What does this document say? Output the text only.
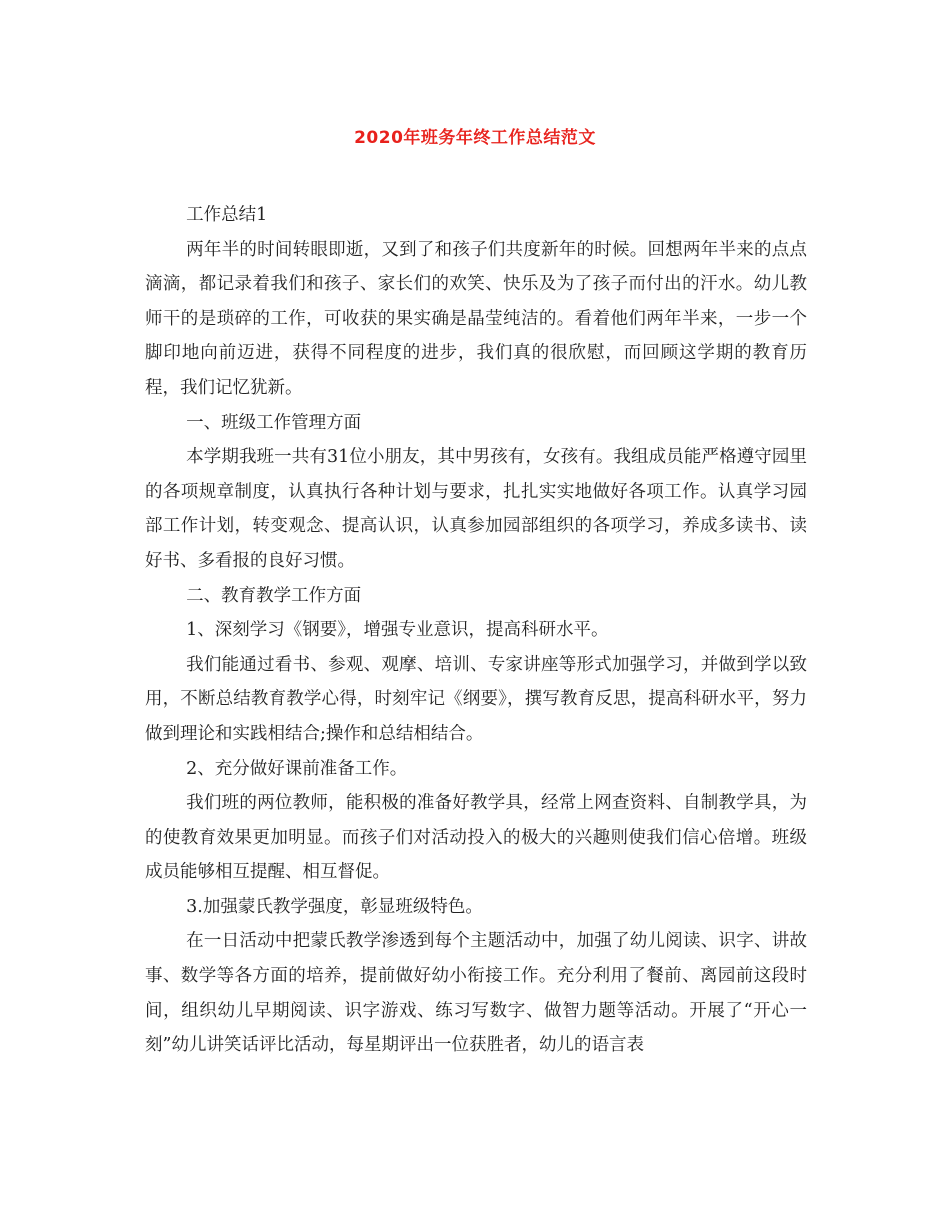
2020年班务年终工作总结范文

工作总结1

两年半的时间转眼即逝，又到了和孩子们共度新年的时候。回想两年半来的点点滴滴，都记录着我们和孩子、家长们的欢笑、快乐及为了孩子而付出的汗水。幼儿教师干的是琐碎的工作，可收获的果实确是晶莹纯洁的。看着他们两年半来，一步一个脚印地向前迈进，获得不同程度的进步，我们真的很欣慰，而回顾这学期的教育历程，我们记忆犹新。

一、班级工作管理方面

本学期我班一共有31位小朋友，其中男孩有，女孩有。我组成员能严格遵守园里的各项规章制度，认真执行各种计划与要求，扎扎实实地做好各项工作。认真学习园部工作计划，转变观念、提高认识，认真参加园部组织的各项学习，养成多读书、读好书、多看报的良好习惯。

二、教育教学工作方面

1、深刻学习《钢要》，增强专业意识，提高科研水平。

我们能通过看书、参观、观摩、培训、专家讲座等形式加强学习，并做到学以致用，不断总结教育教学心得，时刻牢记《纲要》，撰写教育反思，提高科研水平，努力做到理论和实践相结合;操作和总结相结合。

2、充分做好课前准备工作。

我们班的两位教师，能积极的准备好教学具，经常上网查资料、自制教学具，为的使教育效果更加明显。而孩子们对活动投入的极大的兴趣则使我们信心倍增。班级成员能够相互提醒、相互督促。

3.加强蒙氏教学强度，彰显班级特色。

在一日活动中把蒙氏教学渗透到每个主题活动中，加强了幼儿阅读、识字、讲故事、数学等各方面的培养，提前做好幼小衔接工作。充分利用了餐前、离园前这段时间，组织幼儿早期阅读、识字游戏、练习写数字、做智力题等活动。开展了“开心一刻”幼儿讲笑话评比活动，每星期评出一位获胜者，幼儿的语言表
